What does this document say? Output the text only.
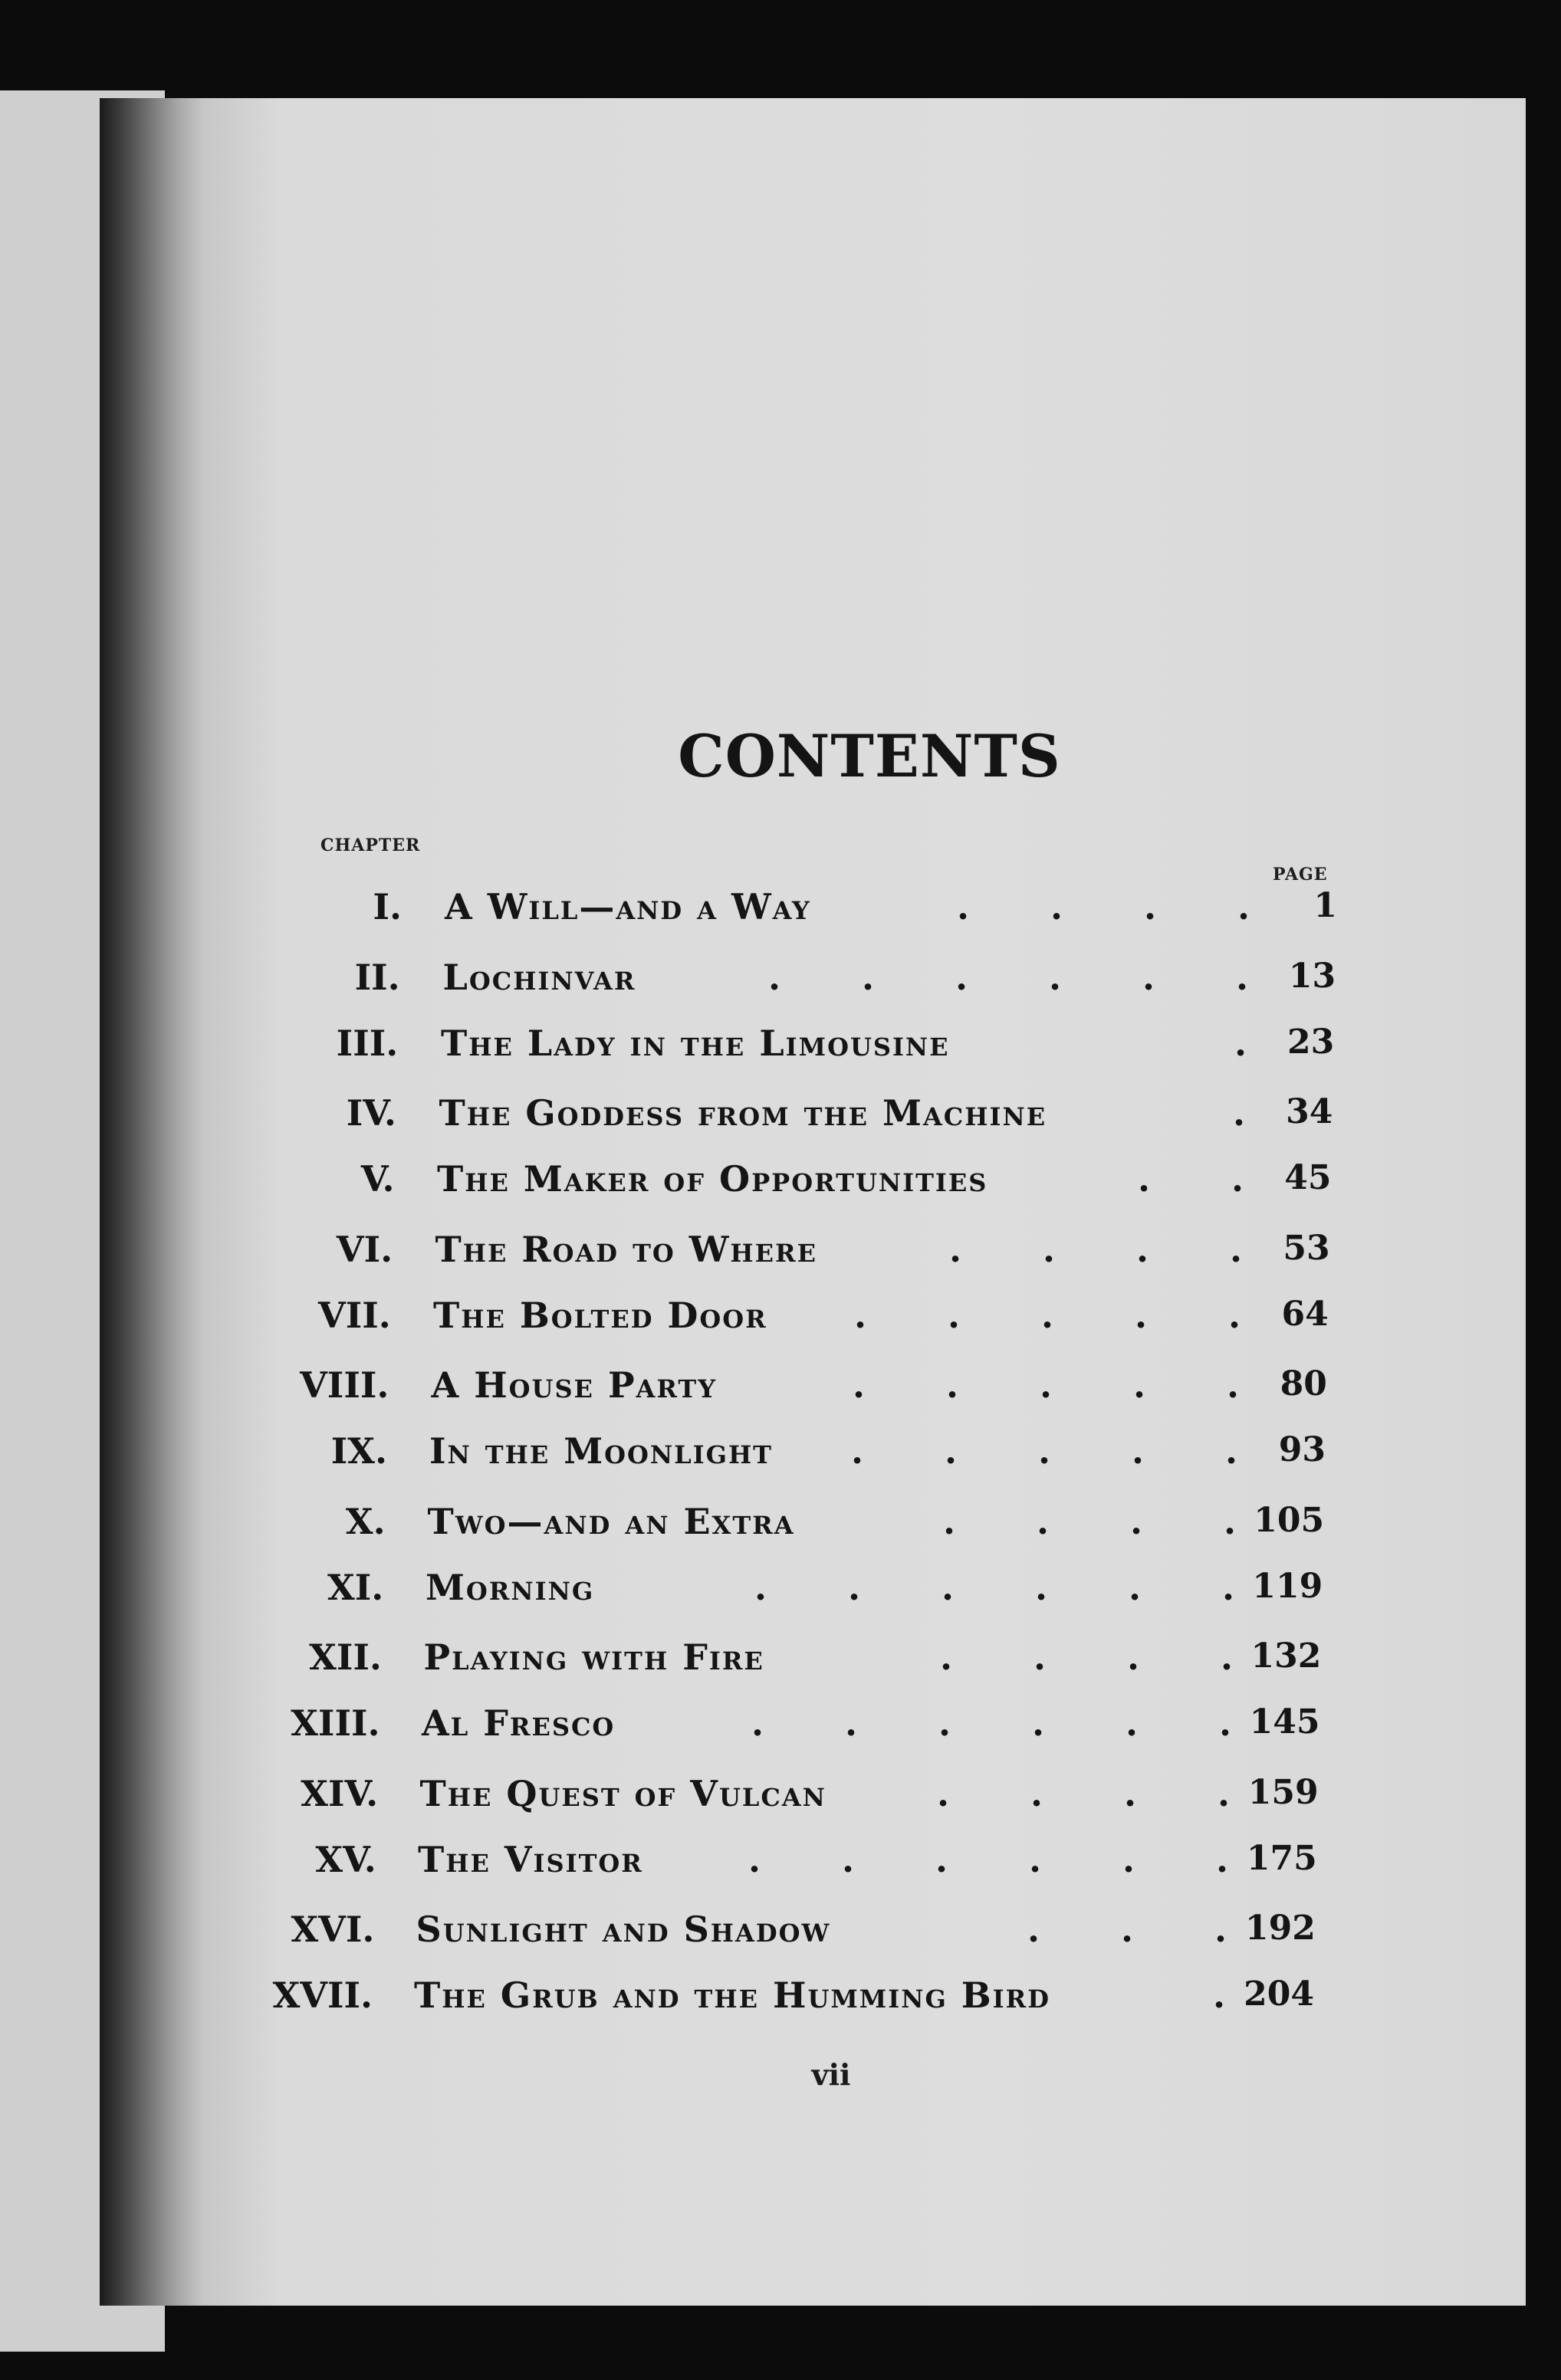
CONTENTS
CHAPTER
PAGE
I. A Will—and a Way	1
.
.
.
.
II. Lochinvar	13
.
.
.
.
.
.
III. The Lady in the Limousine	23
.
IV. The Goddess from the Machine	34
.
V. The Maker of Opportunities	45
.
.
VI. The Road to Where	53
.
.
.
.
VII. The Bolted Door	64
.
.
.
.
.
VIII. A House Party	80
.
.
.
.
.
IX. In the Moonlight	93
.
.
.
.
.
X. Two—and an Extra	105
.
.
.
.
XI. Morning	119
.
.
.
.
.
.
XII. Playing with Fire	132
.
.
.
.
XIII. Al Fresco	145
.
.
.
.
.
.
XIV. The Quest of Vulcan	159
.
.
.
.
XV. The Visitor	175
.
.
.
.
.
.
XVI. Sunlight and Shadow	192
.
.
.
XVII. The Grub and the Humming Bird	204
.
vii
